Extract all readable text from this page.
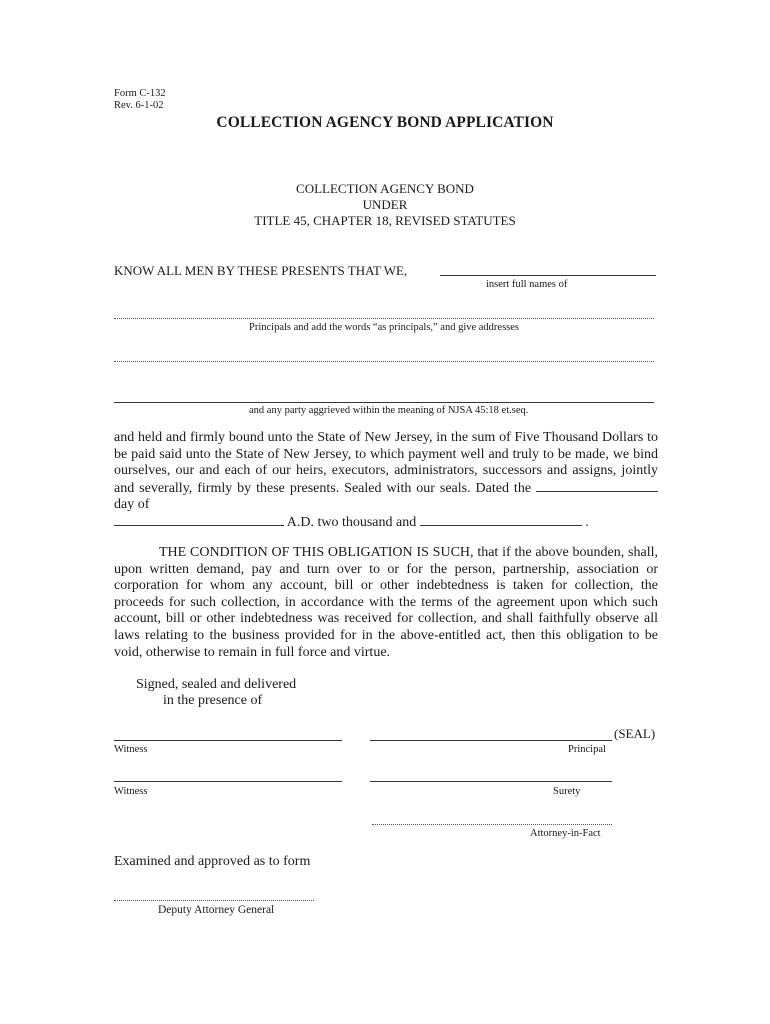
Form C-132
Rev. 6-1-02
COLLECTION AGENCY BOND APPLICATION
COLLECTION AGENCY BOND
UNDER
TITLE 45, CHAPTER 18, REVISED STATUTES
KNOW ALL MEN BY THESE PRESENTS THAT WE,
insert full names of
Principals and add the words “as principals,” and give addresses
and any party aggrieved within the meaning of NJSA 45:18 et.seq.
and held and firmly bound unto the State of New Jersey, in the sum of Five Thousand Dollars to be paid said unto the State of New Jersey, to which payment well and truly to be made, we bind ourselves, our and each of our heirs, executors, administrators, successors and assigns, jointly and severally, firmly by these presents. Sealed with our seals. Dated the  day of
A.D. two thousand and	.
THE CONDITION OF THIS OBLIGATION IS SUCH, that if the above bounden, shall, upon written demand, pay and turn over to or for the person, partnership, association or corporation for whom any account, bill or other indebtedness is taken for collection, the proceeds for such collection, in accordance with the terms of the agreement upon which such account, bill or other indebtedness was received for collection, and shall faithfully observe all laws relating to the business provided for in the above-entitled act, then this obligation to be void, otherwise to remain in full force and virtue.
Signed, sealed and delivered
in the presence of
Witness
(SEAL)
Principal
Witness	Surety
Attorney-in-Fact
Examined and approved as to form
Deputy Attorney General
